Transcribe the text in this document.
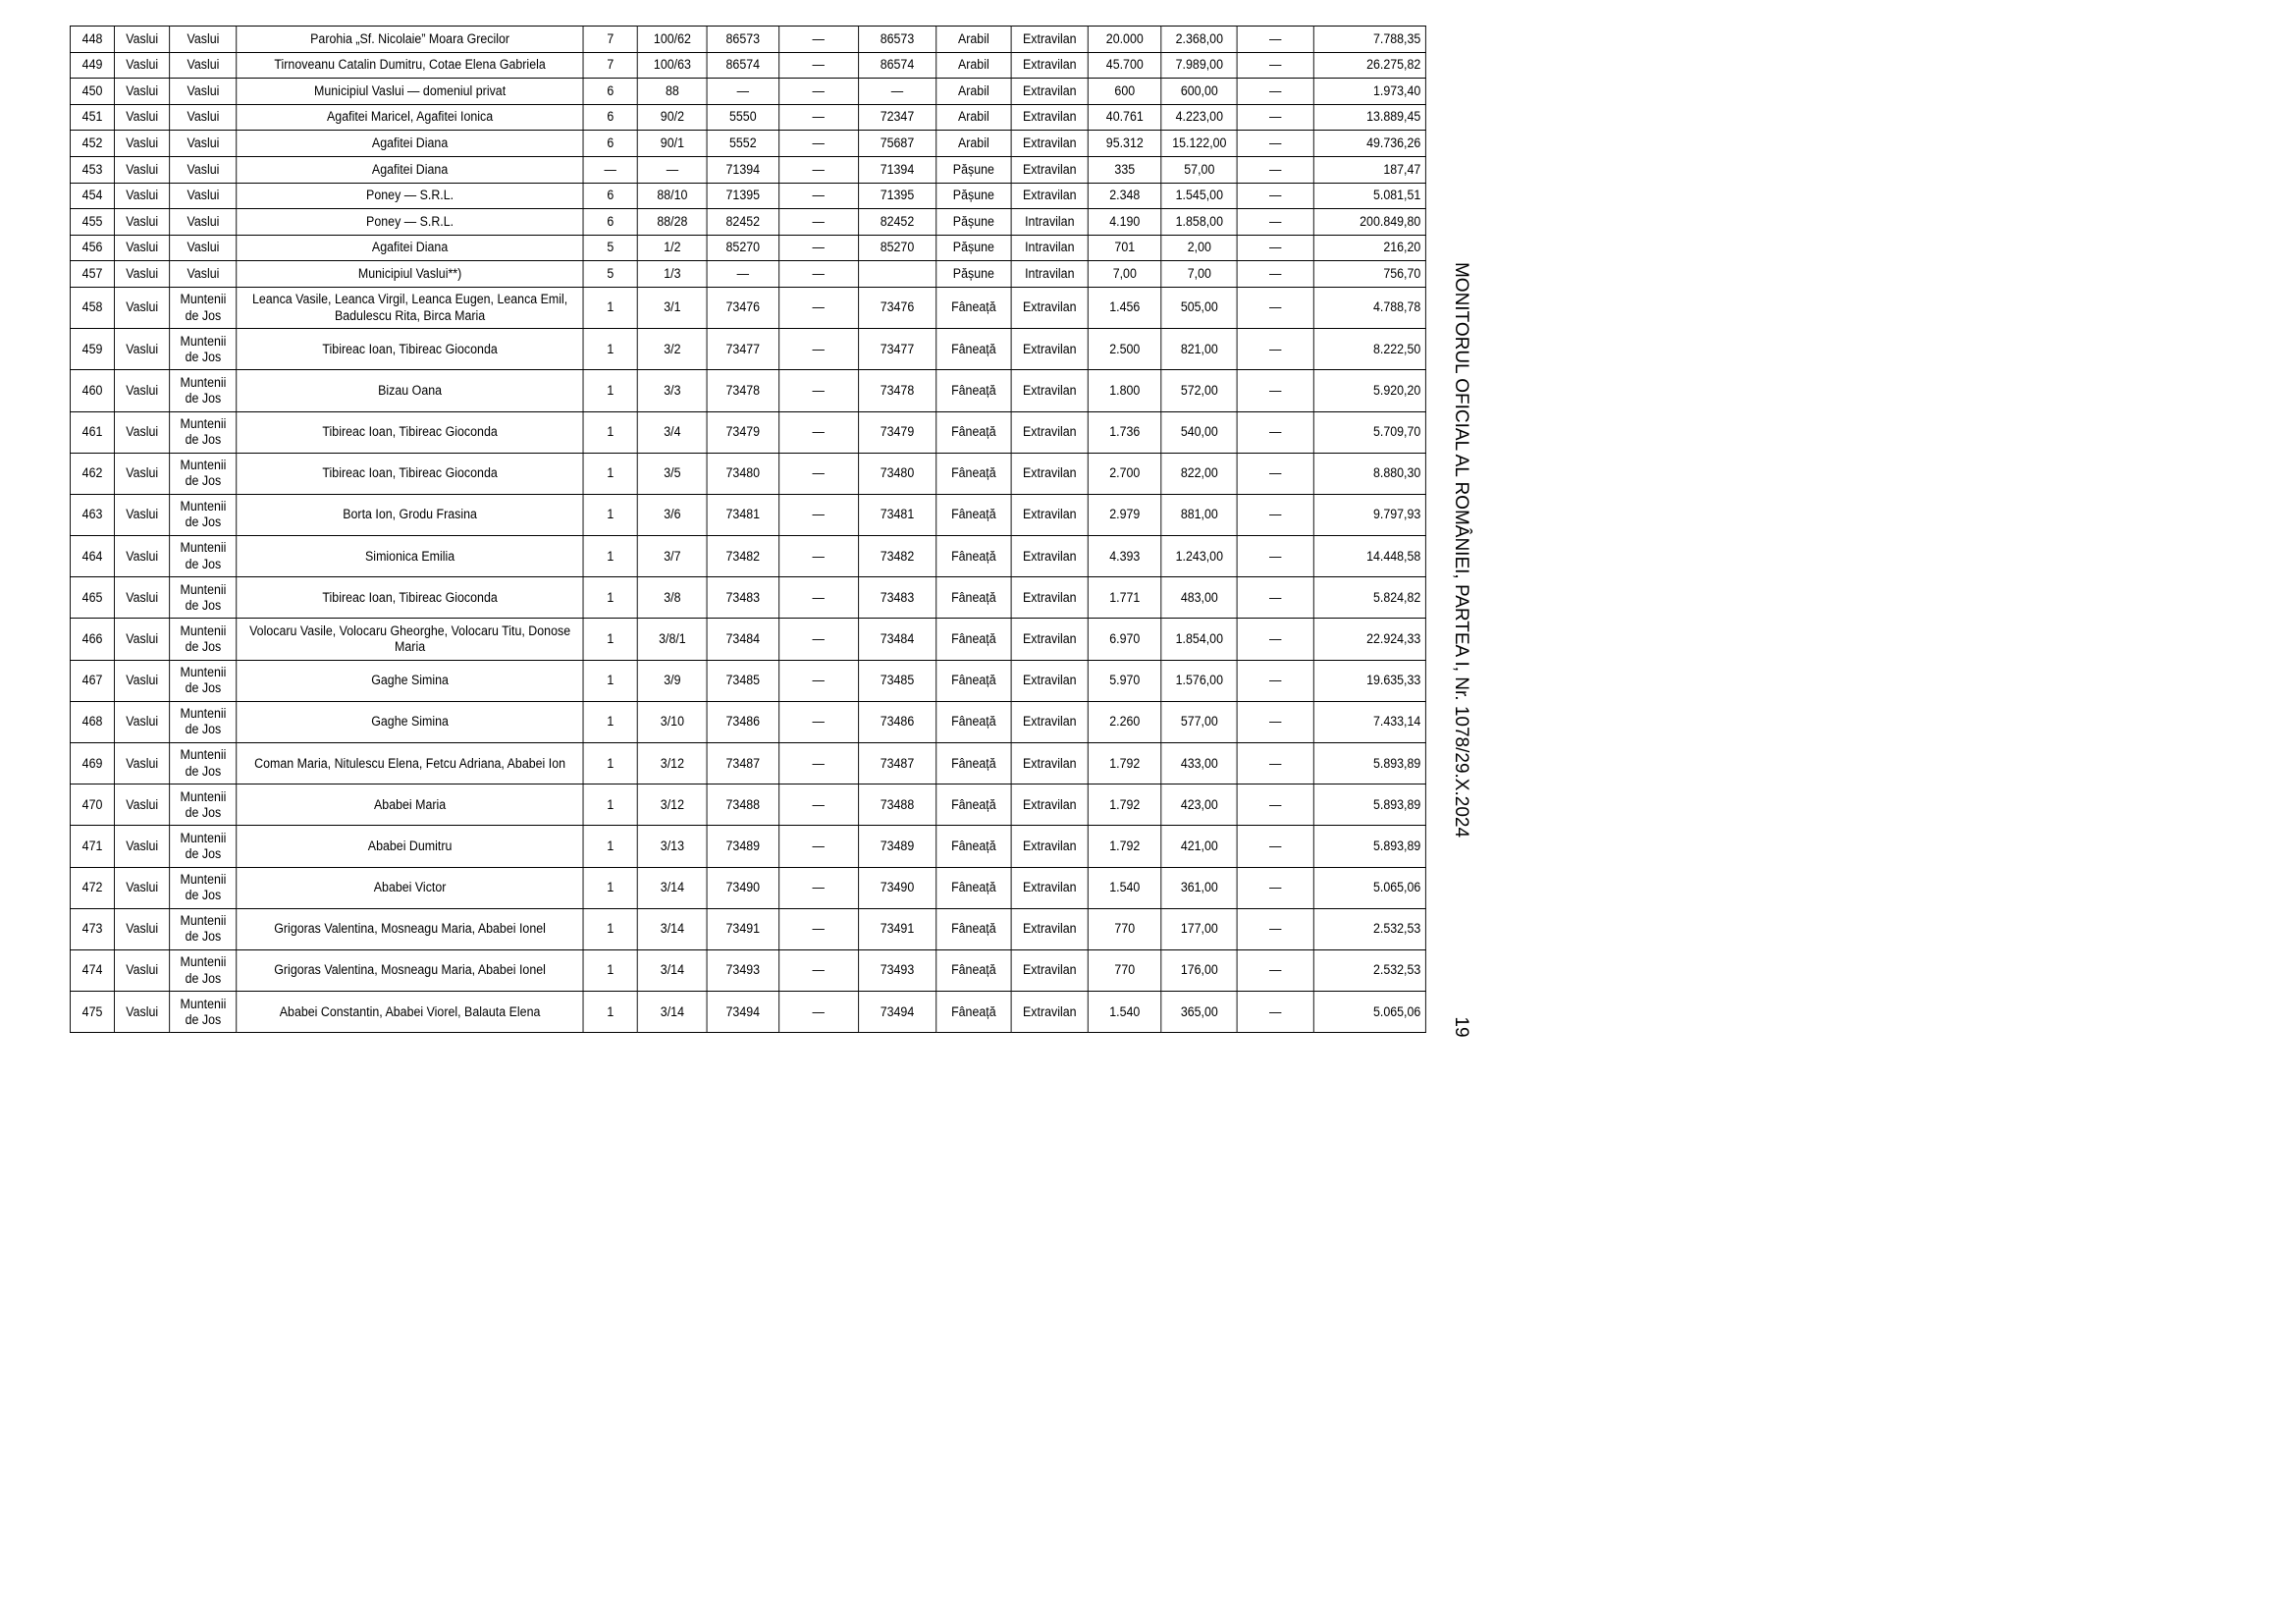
448	Vaslui	Vaslui	Parohia „Sf. Nicolaie” Moara Grecilor	7	100/62	86573	—	86573	Arabil	Extravilan	20.000	2.368,00	—	7.788,35
449	Vaslui	Vaslui	Tirnoveanu Catalin Dumitru, Cotae Elena Gabriela	7	100/63	86574	—	86574	Arabil	Extravilan	45.700	7.989,00	—	26.275,82
450	Vaslui	Vaslui	Municipiul Vaslui — domeniul privat	6	88	—	—	—	Arabil	Extravilan	600	600,00	—	1.973,40
451	Vaslui	Vaslui	Agafitei Maricel, Agafitei Ionica	6	90/2	5550	—	72347	Arabil	Extravilan	40.761	4.223,00	—	13.889,45
452	Vaslui	Vaslui	Agafitei Diana	6	90/1	5552	—	75687	Arabil	Extravilan	95.312	15.122,00	—	49.736,26
453	Vaslui	Vaslui	Agafitei Diana	—	—	71394	—	71394	Pășune	Extravilan	335	57,00	—	187,47
454	Vaslui	Vaslui	Poney — S.R.L.	6	88/10	71395	—	71395	Pășune	Extravilan	2.348	1.545,00	—	5.081,51
455	Vaslui	Vaslui	Poney — S.R.L.	6	88/28	82452	—	82452	Pășune	Intravilan	4.190	1.858,00	—	200.849,80
456	Vaslui	Vaslui	Agafitei Diana	5	1/2	85270	—	85270	Pășune	Intravilan	701	2,00	—	216,20
457	Vaslui	Vaslui	Municipiul Vaslui**)	5	1/3	—	—		Pășune	Intravilan	7,00	7,00	—	756,70
458	Vaslui	Muntenii de Jos	Leanca Vasile, Leanca Virgil, Leanca Eugen, Leanca Emil, Badulescu Rita, Birca Maria	1	3/1	73476	—	73476	Fâneață	Extravilan	1.456	505,00	—	4.788,78
459	Vaslui	Muntenii de Jos	Tibireac Ioan, Tibireac Gioconda	1	3/2	73477	—	73477	Fâneață	Extravilan	2.500	821,00	—	8.222,50
460	Vaslui	Muntenii de Jos	Bizau Oana	1	3/3	73478	—	73478	Fâneață	Extravilan	1.800	572,00	—	5.920,20
461	Vaslui	Muntenii de Jos	Tibireac Ioan, Tibireac Gioconda	1	3/4	73479	—	73479	Fâneață	Extravilan	1.736	540,00	—	5.709,70
462	Vaslui	Muntenii de Jos	Tibireac Ioan, Tibireac Gioconda	1	3/5	73480	—	73480	Fâneață	Extravilan	2.700	822,00	—	8.880,30
463	Vaslui	Muntenii de Jos	Borta Ion, Grodu Frasina	1	3/6	73481	—	73481	Fâneață	Extravilan	2.979	881,00	—	9.797,93
464	Vaslui	Muntenii de Jos	Simionica Emilia	1	3/7	73482	—	73482	Fâneață	Extravilan	4.393	1.243,00	—	14.448,58
465	Vaslui	Muntenii de Jos	Tibireac Ioan, Tibireac Gioconda	1	3/8	73483	—	73483	Fâneață	Extravilan	1.771	483,00	—	5.824,82
466	Vaslui	Muntenii de Jos	Volocaru Vasile, Volocaru Gheorghe, Volocaru Titu, Donose Maria	1	3/8/1	73484	—	73484	Fâneață	Extravilan	6.970	1.854,00	—	22.924,33
467	Vaslui	Muntenii de Jos	Gaghe Simina	1	3/9	73485	—	73485	Fâneață	Extravilan	5.970	1.576,00	—	19.635,33
468	Vaslui	Muntenii de Jos	Gaghe Simina	1	3/10	73486	—	73486	Fâneață	Extravilan	2.260	577,00	—	7.433,14
469	Vaslui	Muntenii de Jos	Coman Maria, Nitulescu Elena, Fetcu Adriana, Ababei Ion	1	3/12	73487	—	73487	Fâneață	Extravilan	1.792	433,00	—	5.893,89
470	Vaslui	Muntenii de Jos	Ababei Maria	1	3/12	73488	—	73488	Fâneață	Extravilan	1.792	423,00	—	5.893,89
471	Vaslui	Muntenii de Jos	Ababei Dumitru	1	3/13	73489	—	73489	Fâneață	Extravilan	1.792	421,00	—	5.893,89
472	Vaslui	Muntenii de Jos	Ababei Victor	1	3/14	73490	—	73490	Fâneață	Extravilan	1.540	361,00	—	5.065,06
473	Vaslui	Muntenii de Jos	Grigoras Valentina, Mosneagu Maria, Ababei Ionel	1	3/14	73491	—	73491	Fâneață	Extravilan	770	177,00	—	2.532,53
474	Vaslui	Muntenii de Jos	Grigoras Valentina, Mosneagu Maria, Ababei Ionel	1	3/14	73493	—	73493	Fâneață	Extravilan	770	176,00	—	2.532,53
475	Vaslui	Muntenii de Jos	Ababei Constantin, Ababei Viorel, Balauta Elena	1	3/14	73494	—	73494	Fâneață	Extravilan	1.540	365,00	—	5.065,06
MONITORUL OFICIAL AL ROMÂNIEI, PARTEA I, Nr. 1078/29.X.2024
19
